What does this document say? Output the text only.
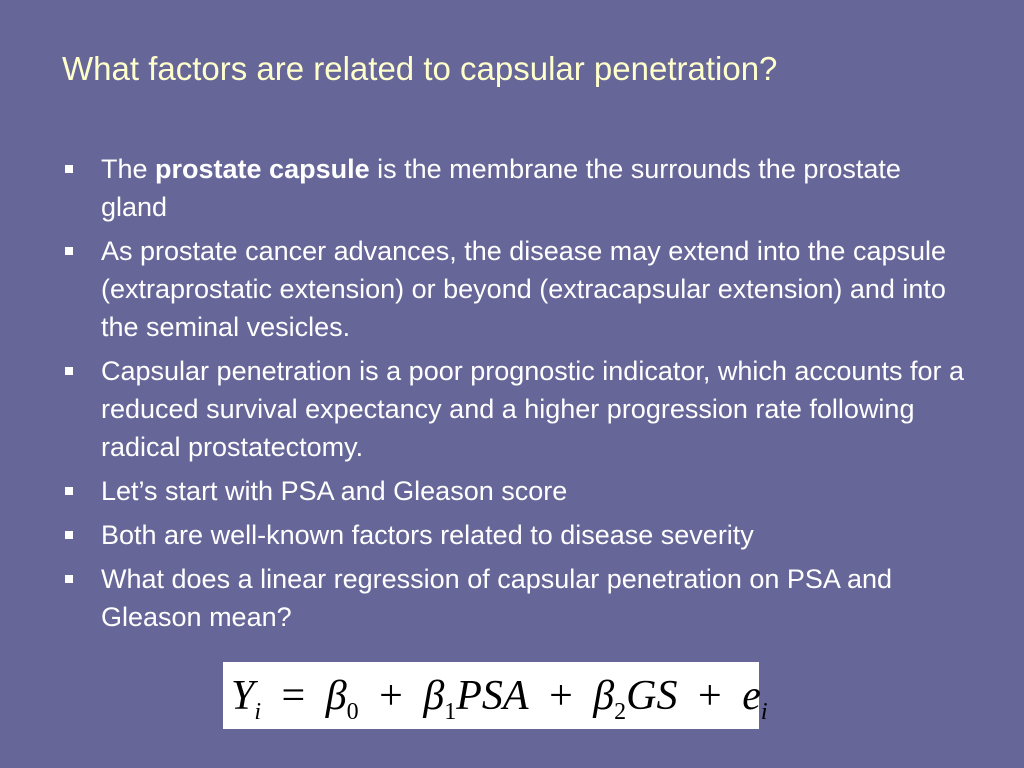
What factors are related to capsular penetration?
The prostate capsule is the membrane the surrounds the prostate gland
As prostate cancer advances, the disease may extend into the capsule (extraprostatic extension) or beyond (extracapsular extension) and into the seminal vesicles.
Capsular penetration is a poor prognostic indicator, which accounts for a reduced survival expectancy and a higher progression rate following radical prostatectomy.
Let’s start with PSA and Gleason score
Both are well-known factors related to disease severity
What does a linear regression of capsular penetration on PSA and Gleason mean?
$Y_i = \beta_0 + \beta_1PSA + \beta_2GS + e_i$
